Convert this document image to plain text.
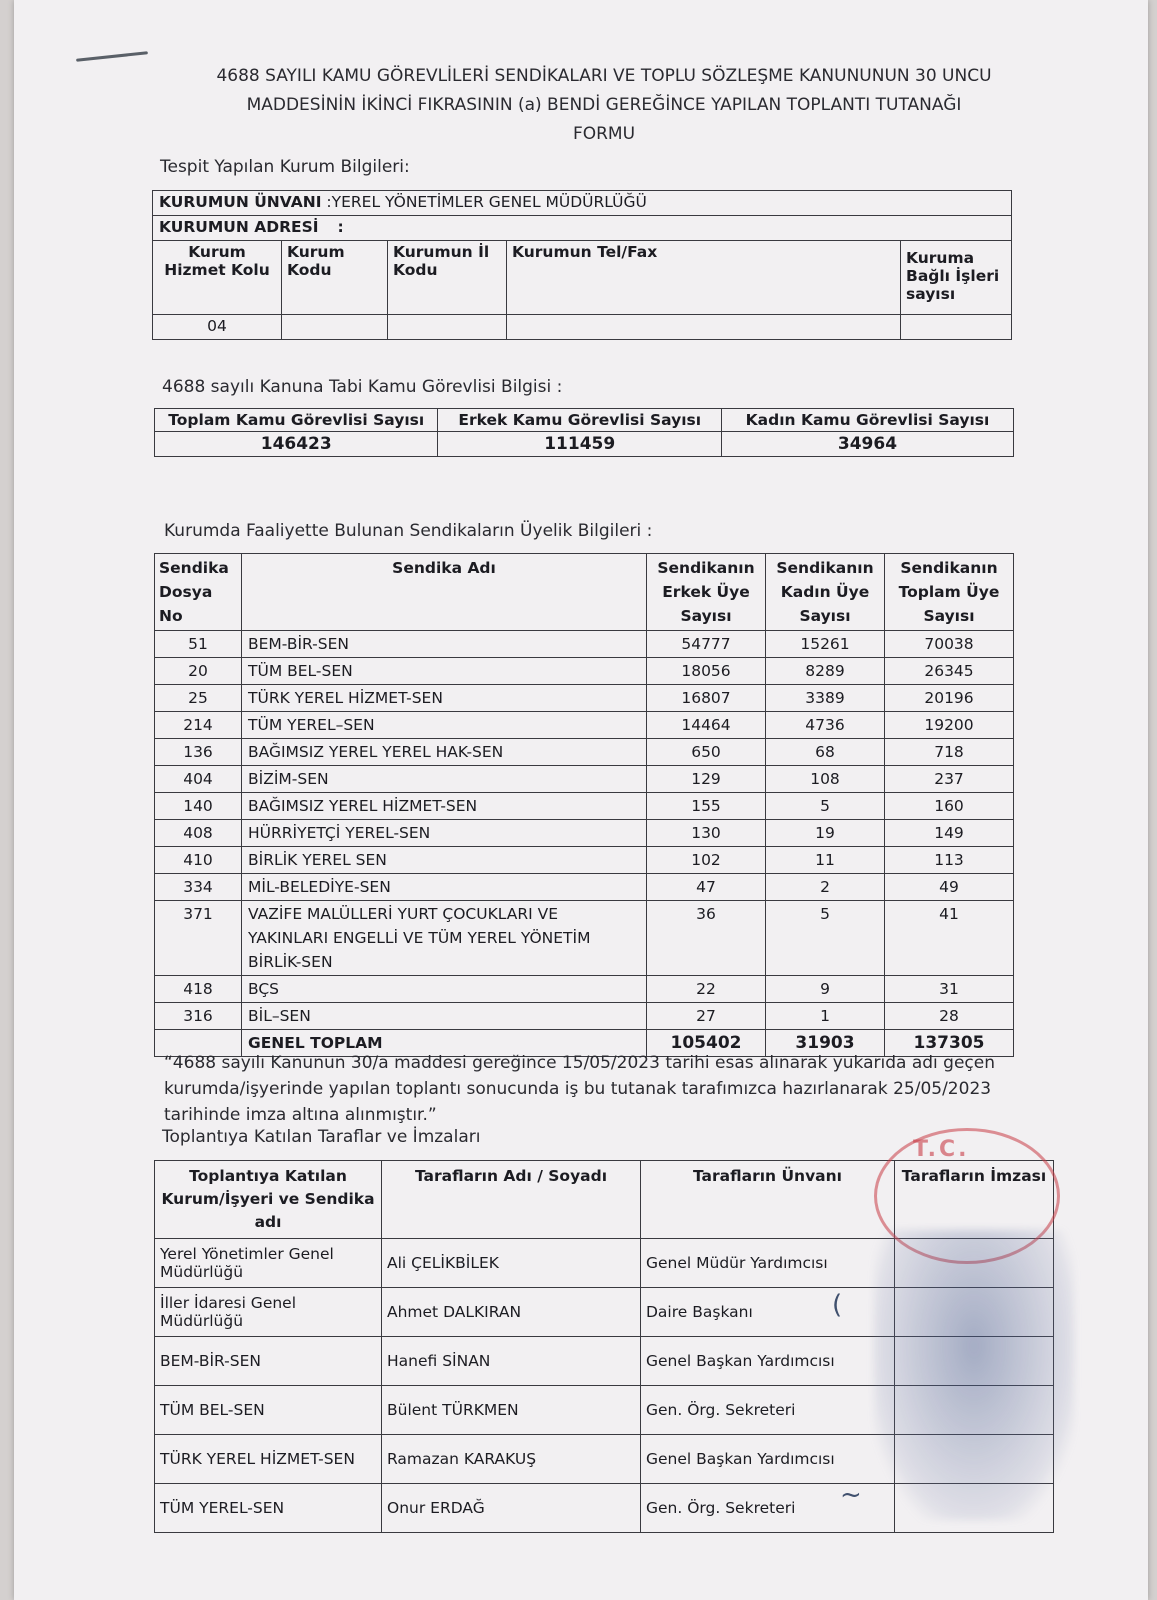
4688 SAYILI KAMU GÖREVLİLERİ SENDİKALARI VE TOPLU SÖZLEŞME KANUNUNUN 30 UNCU
MADDESİNİN İKİNCİ FIKRASININ (a) BENDİ GEREĞİNCE YAPILAN TOPLANTI TUTANAĞI
FORMU
Tespit Yapılan Kurum Bilgileri:
KURUMUN ÜNVANI :YEREL YÖNETİMLER GENEL MÜDÜRLÜĞÜ				
KURUMUN ADRESİ :				
Kurum Hizmet Kolu	Kurum Kodu	Kurumun İl Kodu	Kurumun Tel/Fax	Kuruma Bağlı İşleri sayısı
04				
4688 sayılı Kanuna Tabi Kamu Görevlisi Bilgisi :
Toplam Kamu Görevlisi Sayısı	Erkek Kamu Görevlisi Sayısı	Kadın Kamu Görevlisi Sayısı
146423	111459	34964
Kurumda Faaliyette Bulunan Sendikaların Üyelik Bilgileri :
Sendika Dosya No	Sendika Adı	Sendikanın Erkek Üye Sayısı	Sendikanın Kadın Üye Sayısı	Sendikanın Toplam Üye Sayısı
51	BEM-BİR-SEN	54777	15261	70038
20	TÜM BEL-SEN	18056	8289	26345
25	TÜRK YEREL HİZMET-SEN	16807	3389	20196
214	TÜM YEREL–SEN	14464	4736	19200
136	BAĞIMSIZ YEREL YEREL HAK-SEN	650	68	718
404	BİZİM-SEN	129	108	237
140	BAĞIMSIZ YEREL HİZMET-SEN	155	5	160
408	HÜRRİYETÇİ YEREL-SEN	130	19	149
410	BİRLİK YEREL SEN	102	11	113
334	MİL-BELEDİYE-SEN	47	2	49
371	VAZİFE MALÜLLERİ YURT ÇOCUKLARI VE YAKINLARI ENGELLİ VE TÜM YEREL YÖNETİM BİRLİK-SEN	36	5	41
418	BÇS	22	9	31
316	BİL–SEN	27	1	28
	GENEL TOPLAM	105402	31903	137305
“4688 sayılı Kanunun 30/a maddesi gereğince 15/05/2023 tarihi esas alınarak yukarıda adı geçen kurumda/işyerinde yapılan toplantı sonucunda iş bu tutanak tarafımızca hazırlanarak 25/05/2023 tarihinde imza altına alınmıştır.”
Toplantıya Katılan Taraflar ve İmzaları
Toplantıya Katılan Kurum/İşyeri ve Sendika adı	Tarafların Adı / Soyadı	Tarafların Ünvanı	Tarafların İmzası
Yerel Yönetimler Genel Müdürlüğü	Ali ÇELİKBİLEK	Genel Müdür Yardımcısı	
İller İdaresi Genel Müdürlüğü	Ahmet DALKIRAN	Daire Başkanı	
BEM-BİR-SEN	Hanefi SİNAN	Genel Başkan Yardımcısı	
TÜM BEL-SEN	Bülent TÜRKMEN	Gen. Örg. Sekreteri	
TÜRK YEREL HİZMET-SEN	Ramazan KARAKUŞ	Genel Başkan Yardımcısı	
TÜM YEREL-SEN	Onur ERDAĞ	Gen. Örg. Sekreteri	
T.C.
(
~
